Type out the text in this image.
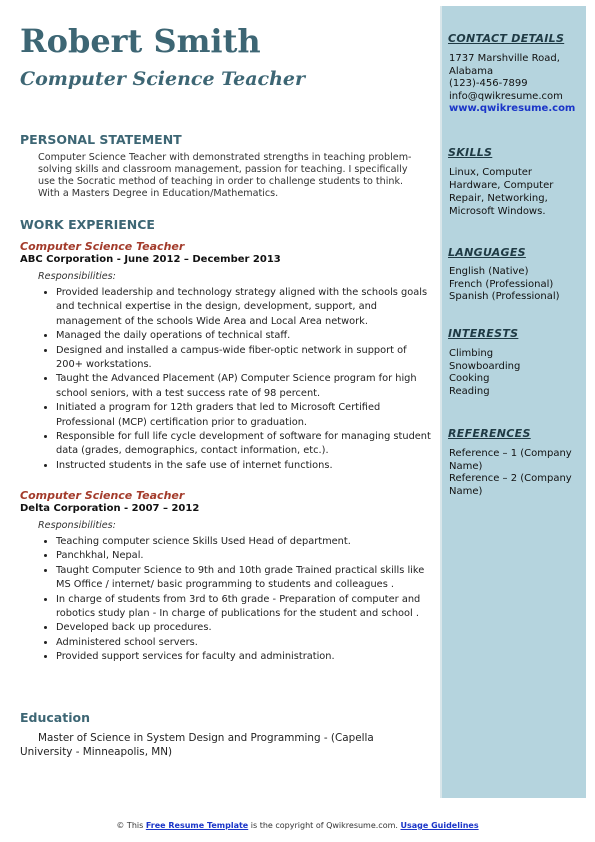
Robert Smith
Computer Science Teacher
PERSONAL STATEMENT
Computer Science Teacher with demonstrated strengths in teaching problem-solving skills and classroom management, passion for teaching. I specifically use the Socratic method of teaching in order to challenge students to think. With a Masters Degree in Education/Mathematics.
WORK EXPERIENCE
Computer Science Teacher
ABC Corporation - June 2012 – December 2013
Responsibilities:
• Provided leadership and technology strategy aligned with the schools goals and technical expertise in the design, development, support, and management of the schools Wide Area and Local Area network.
• Managed the daily operations of technical staff.
• Designed and installed a campus-wide fiber-optic network in support of 200+ workstations.
• Taught the Advanced Placement (AP) Computer Science program for high school seniors, with a test success rate of 98 percent.
• Initiated a program for 12th graders that led to Microsoft Certified Professional (MCP) certification prior to graduation.
• Responsible for full life cycle development of software for managing student data (grades, demographics, contact information, etc.).
• Instructed students in the safe use of internet functions.
Computer Science Teacher
Delta Corporation - 2007 – 2012
Responsibilities:
• Teaching computer science Skills Used Head of department.
• Panchkhal, Nepal.
• Taught Computer Science to 9th and 10th grade Trained practical skills like MS Office / internet/ basic programming to students and colleagues .
• In charge of students from 3rd to 6th grade - Preparation of computer and robotics study plan - In charge of publications for the student and school .
• Developed back up procedures.
• Administered school servers.
• Provided support services for faculty and administration.
Education
Master of Science in System Design and Programming - (Capella University - Minneapolis, MN)
CONTACT DETAILS
1737 Marshville Road, Alabama
(123)-456-7899
info@qwikresume.com
www.qwikresume.com
SKILLS
Linux, Computer Hardware, Computer Repair, Networking, Microsoft Windows.
LANGUAGES
English (Native)
French (Professional)
Spanish (Professional)
INTERESTS
Climbing
Snowboarding
Cooking
Reading
REFERENCES
Reference – 1 (Company Name)
Reference – 2 (Company Name)
© This Free Resume Template is the copyright of Qwikresume.com. Usage Guidelines
